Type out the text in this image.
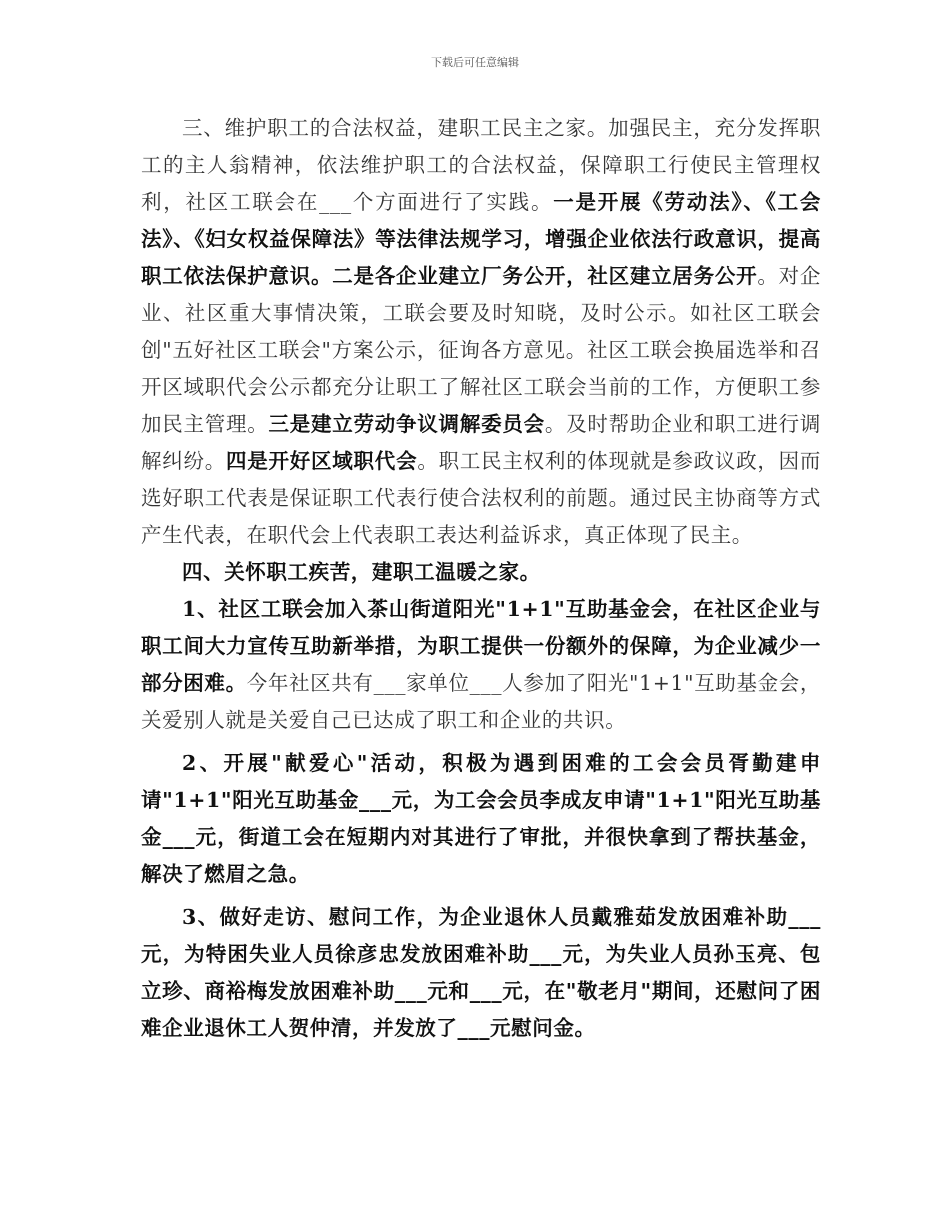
下载后可任意编辑

三、维护职工的合法权益，建职工民主之家。加强民主，充分发挥职工的主人翁精神，依法维护职工的合法权益，保障职工行使民主管理权利，社区工联会在___个方面进行了实践。一是开展《劳动法》、《工会法》、《妇女权益保障法》等法律法规学习，增强企业依法行政意识，提高职工依法保护意识。二是各企业建立厂务公开，社区建立居务公开。对企业、社区重大事情决策，工联会要及时知晓，及时公示。如社区工联会创"五好社区工联会"方案公示，征询各方意见。社区工联会换届选举和召开区域职代会公示都充分让职工了解社区工联会当前的工作，方便职工参加民主管理。三是建立劳动争议调解委员会。及时帮助企业和职工进行调解纠纷。四是开好区域职代会。职工民主权利的体现就是参政议政，因而选好职工代表是保证职工代表行使合法权利的前题。通过民主协商等方式产生代表，在职代会上代表职工表达利益诉求，真正体现了民主。

四、关怀职工疾苦，建职工温暖之家。

1、社区工联会加入茶山街道阳光"1+1"互助基金会，在社区企业与职工间大力宣传互助新举措，为职工提供一份额外的保障，为企业减少一部分困难。今年社区共有___家单位___人参加了阳光"1+1"互助基金会，关爱别人就是关爱自己已达成了职工和企业的共识。

2、开展"献爱心"活动，积极为遇到困难的工会会员胥勤建申请"1+1"阳光互助基金___元，为工会会员李成友申请"1+1"阳光互助基金___元，街道工会在短期内对其进行了审批，并很快拿到了帮扶基金，解决了燃眉之急。

3、做好走访、慰问工作，为企业退休人员戴雅茹发放困难补助___元，为特困失业人员徐彦忠发放困难补助___元，为失业人员孙玉亮、包立珍、商裕梅发放困难补助___元和___元，在"敬老月"期间，还慰问了困难企业退休工人贺仲清，并发放了___元慰问金。
